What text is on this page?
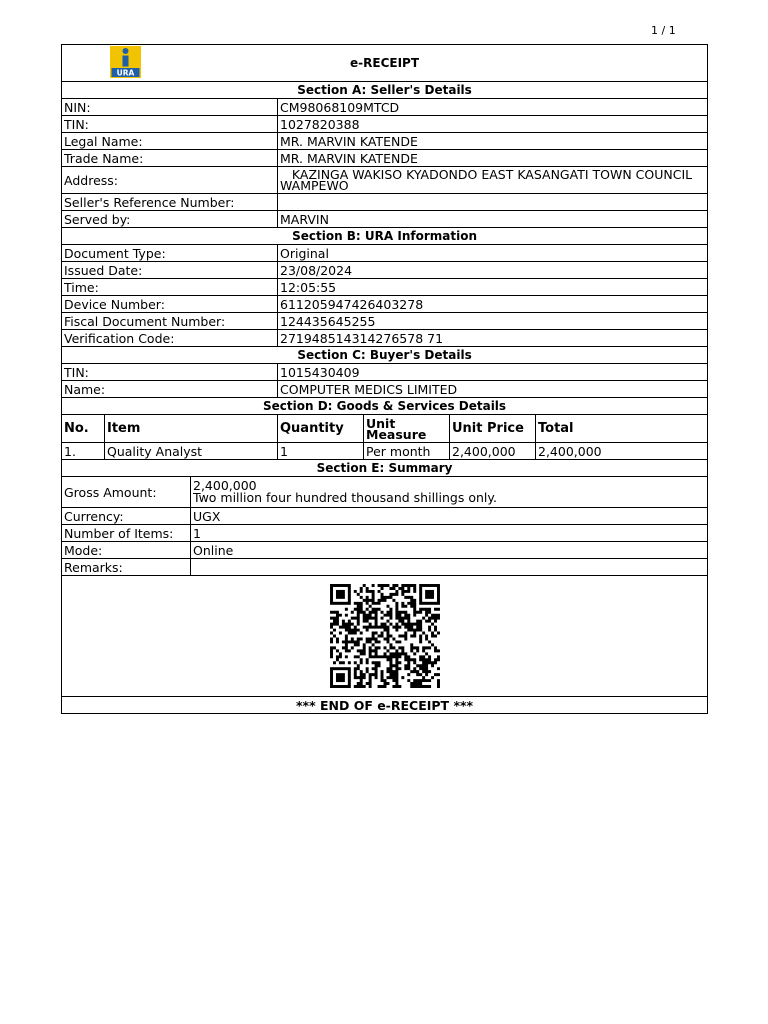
1 / 1
URA
e-RECEIPT						

Section A: Seller's Details						
NIN:			CM98068109MTCD			
TIN:			1027820388			
Legal Name:			MR. MARVIN KATENDE			
Trade Name:			MR. MARVIN KATENDE			
Address:			KAZINGA WAKISO KYADONDO EAST KASANGATI TOWN COUNCIL WAMPEWO			
Seller's Reference Number:						
Served by:			MARVIN			
Section B: URA Information						
Document Type:			Original			
Issued Date:			23/08/2024			
Time:			12:05:55			
Device Number:			611205947426403278			
Fiscal Document Number:			124435645255			
Verification Code:			271948514314276578 71			
Section C: Buyer's Details						
TIN:			1015430409			
Name:			COMPUTER MEDICS LIMITED			
Section D: Goods & Services Details						
No.	Item		Quantity	Unit Measure	Unit Price	Total
1.	Quality Analyst		1	Per month	2,400,000	2,400,000
Section E: Summary						
Gross Amount:		2,400,000
Two million four hundred thousand shillings only.				

Currency:		UGX				
Number of Items:		1				
Mode:		Online				
Remarks:						

*** END OF e-RECEIPT ***						
